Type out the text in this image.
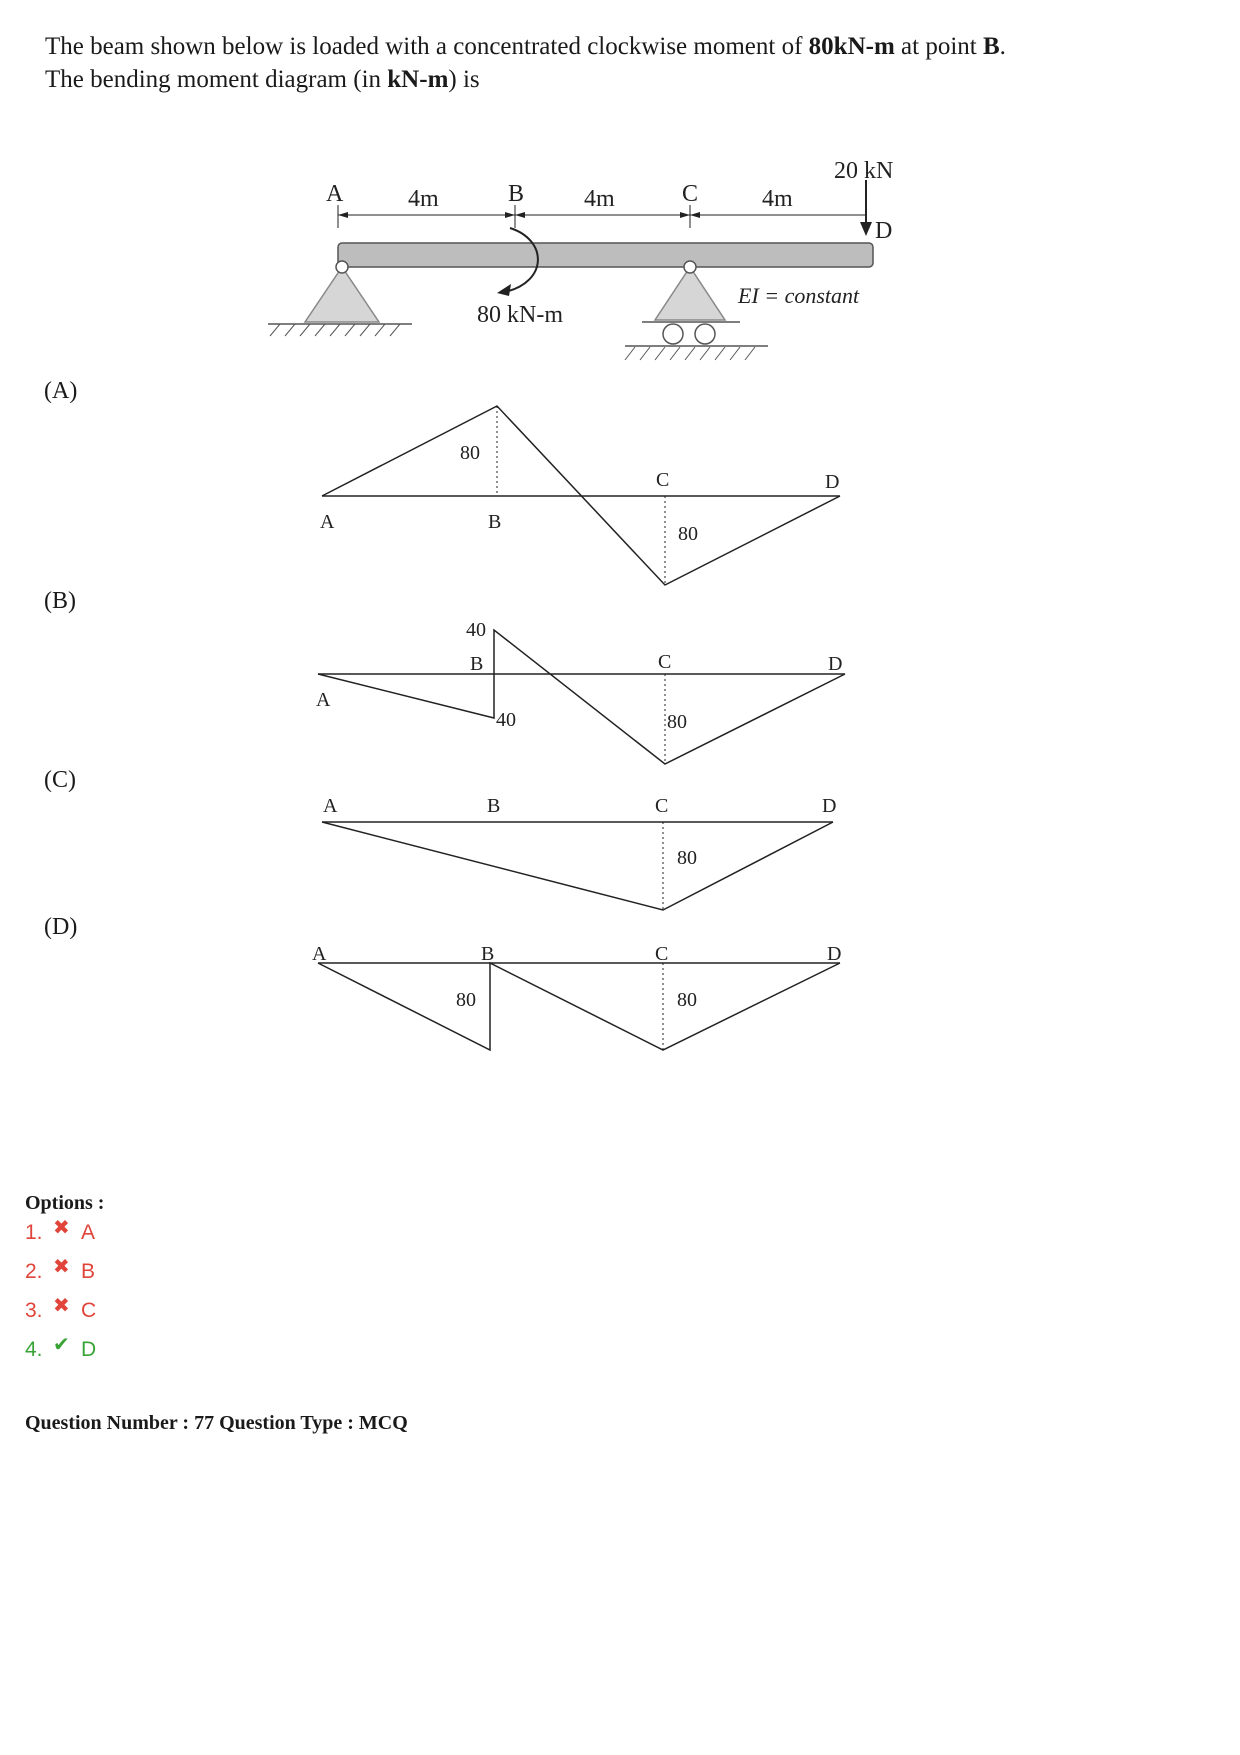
The beam shown below is loaded with a concentrated clockwise moment of 80kN-m at point B.
The bending moment diagram (in kN-m) is
A	B	C
D
4m	4m	4m
20 kN
80 kN-m
EI = constant
A	B
C	D
80
80
A
B	C	D
40
40	80
A	B	C	D
80
A	B	C	D
80	80
(A)
(B)
(C)
(D)
Options :
1. ✖ A
2. ✖ B
3. ✖ C
4. ✔ D
Question Number : 77 Question Type : MCQ
